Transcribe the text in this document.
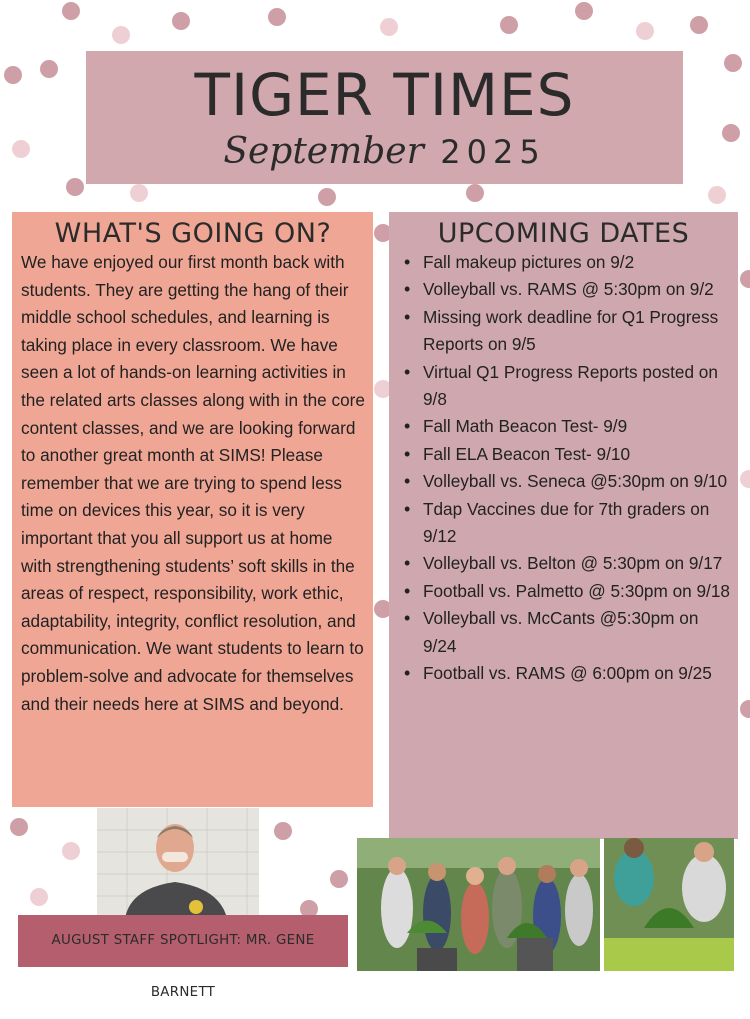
TIGER TIMES
September 2025
WHAT'S GOING ON?

We have enjoyed our first month back with students. They are getting the hang of their middle school schedules, and learning is taking place in every classroom. We have seen a lot of hands-on learning activities in the related arts classes along with in the core content classes, and we are looking forward to another great month at SIMS! Please remember that we are trying to spend less time on devices this year, so it is very important that you all support us at home with strengthening students’ soft skills in the areas of respect, responsibility, work ethic, adaptability, integrity, conflict resolution, and communication. We want students to learn to problem-solve and advocate for themselves and their needs here at SIMS and beyond.

UPCOMING DATES
• Fall makeup pictures on 9/2
• Volleyball vs. RAMS @ 5:30pm on 9/2
• Missing work deadline for Q1 Progress Reports on 9/5
• Virtual Q1 Progress Reports posted on 9/8
• Fall Math Beacon Test- 9/9
• Fall ELA Beacon Test- 9/10
• Volleyball vs. Seneca @5:30pm on 9/10
• Tdap Vaccines due for 7th graders on 9/12
• Volleyball vs. Belton @ 5:30pm on 9/17
• Football vs. Palmetto @ 5:30pm on 9/18
• Volleyball vs. McCants @5:30pm on 9/24
• Football vs. RAMS @ 6:00pm on 9/25
AUGUST STAFF SPOTLIGHT: MR. GENE BARNETT
